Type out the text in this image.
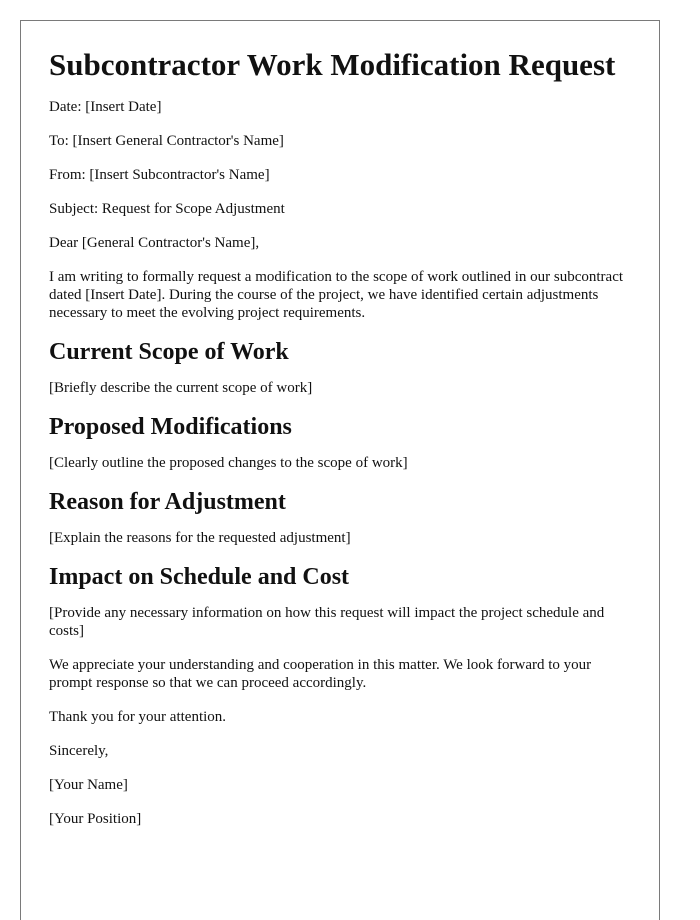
Subcontractor Work Modification Request

Date: [Insert Date]

To: [Insert General Contractor's Name]

From: [Insert Subcontractor's Name]

Subject: Request for Scope Adjustment

Dear [General Contractor's Name],

I am writing to formally request a modification to the scope of work outlined in our subcontract dated [Insert Date]. During the course of the project, we have identified certain adjustments necessary to meet the evolving project requirements.

Current Scope of Work

[Briefly describe the current scope of work]

Proposed Modifications

[Clearly outline the proposed changes to the scope of work]

Reason for Adjustment

[Explain the reasons for the requested adjustment]

Impact on Schedule and Cost

[Provide any necessary information on how this request will impact the project schedule and costs]

We appreciate your understanding and cooperation in this matter. We look forward to your prompt response so that we can proceed accordingly.

Thank you for your attention.

Sincerely,

[Your Name]

[Your Position]
